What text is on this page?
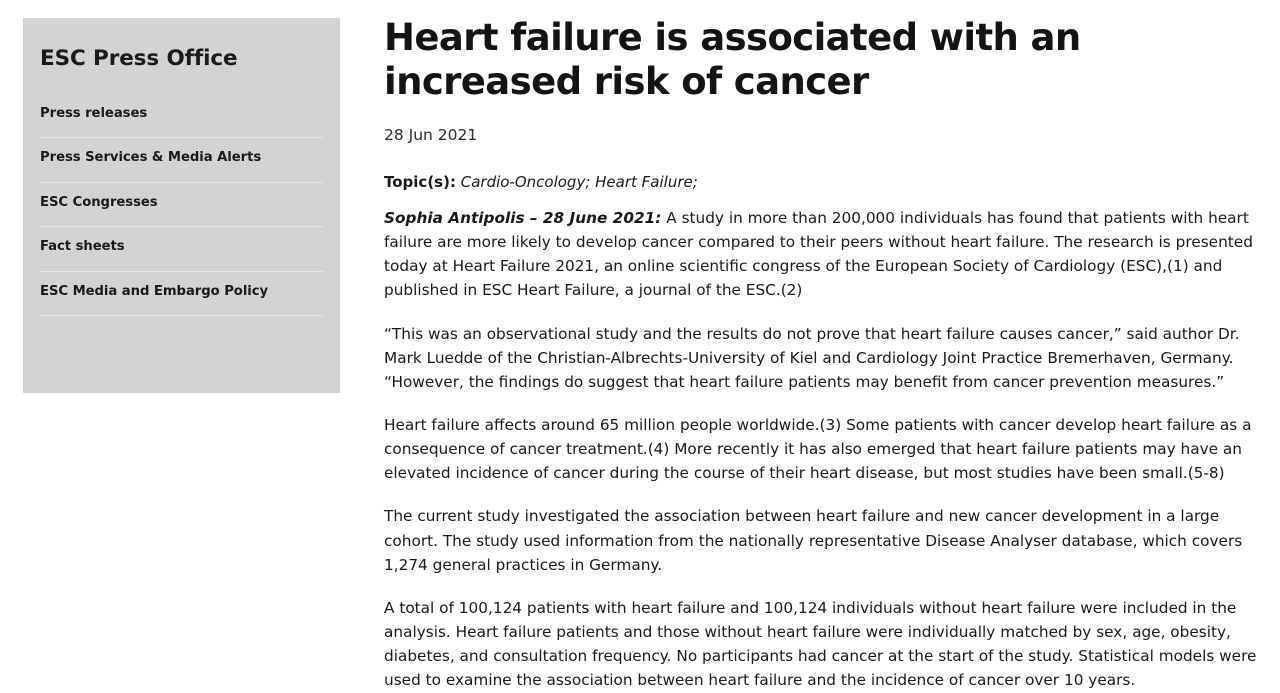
ESC Press Office
Press releases
Press Services & Media Alerts
ESC Congresses
Fact sheets
ESC Media and Embargo Policy
Heart failure is associated with an increased risk of cancer
28 Jun 2021

Topic(s): Cardio-Oncology; Heart Failure;

Sophia Antipolis – 28 June 2021: A study in more than 200,000 individuals has found that patients with heart failure are more likely to develop cancer compared to their peers without heart failure. The research is presented today at Heart Failure 2021, an online scientific congress of the European Society of Cardiology (ESC),(1) and published in ESC Heart Failure, a journal of the ESC.(2)

“This was an observational study and the results do not prove that heart failure causes cancer,” said author Dr. Mark Luedde of the Christian-Albrechts-University of Kiel and Cardiology Joint Practice Bremerhaven, Germany. “However, the findings do suggest that heart failure patients may benefit from cancer prevention measures.”

Heart failure affects around 65 million people worldwide.(3) Some patients with cancer develop heart failure as a consequence of cancer treatment.(4) More recently it has also emerged that heart failure patients may have an elevated incidence of cancer during the course of their heart disease, but most studies have been small.(5-8)

The current study investigated the association between heart failure and new cancer development in a large cohort. The study used information from the nationally representative Disease Analyser database, which covers 1,274 general practices in Germany.

A total of 100,124 patients with heart failure and 100,124 individuals without heart failure were included in the analysis. Heart failure patients and those without heart failure were individually matched by sex, age, obesity, diabetes, and consultation frequency. No participants had cancer at the start of the study. Statistical models were used to examine the association between heart failure and the incidence of cancer over 10 years.
